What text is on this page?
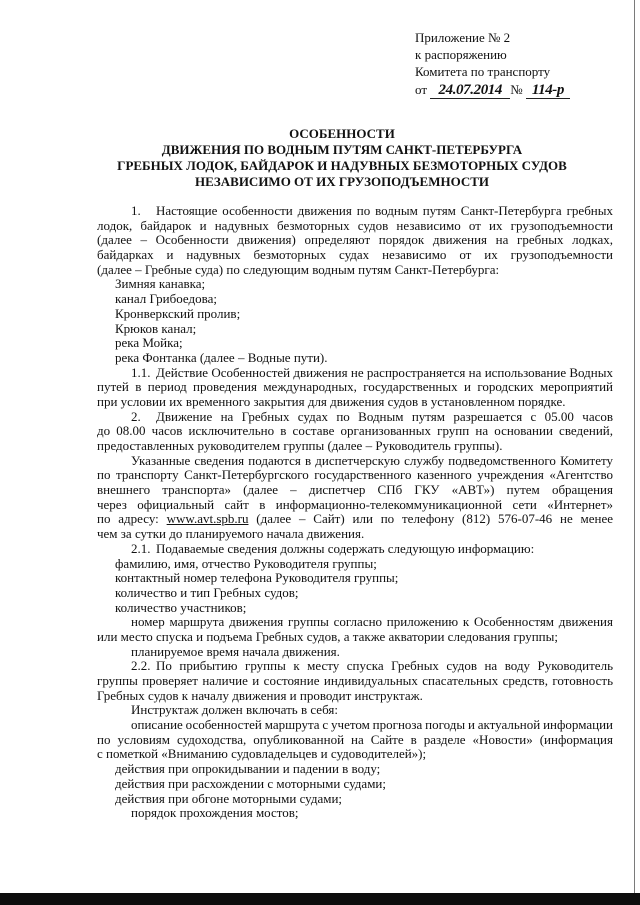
Приложение № 2
к распоряжению
Комитета по транспорту
от 24.07.2014 № 114-р
ОСОБЕННОСТИ
ДВИЖЕНИЯ ПО ВОДНЫМ ПУТЯМ САНКТ-ПЕТЕРБУРГА
ГРЕБНЫХ ЛОДОК, БАЙДАРОК И НАДУВНЫХ БЕЗМОТОРНЫХ СУДОВ
НЕЗАВИСИМО ОТ ИХ ГРУЗОПОДЪЕМНОСТИ
1. Настоящие особенности движения по водным путям Санкт-Петербурга гребных
лодок, байдарок и надувных безмоторных судов независимо от их грузоподъемности
(далее – Особенности движения) определяют порядок движения на гребных лодках,
байдарках и надувных безмоторных судах независимо от их грузоподъемности
(далее – Гребные суда) по следующим водным путям Санкт-Петербурга:
Зимняя канавка;
канал Грибоедова;
Кронверкский пролив;
Крюков канал;
река Мойка;
река Фонтанка (далее – Водные пути).
1.1. Действие Особенностей движения не распространяется на использование Водных
путей в период проведения международных, государственных и городских мероприятий
при условии их временного закрытия для движения судов в установленном порядке.
2. Движение на Гребных судах по Водным путям разрешается с 05.00 часов
до 08.00 часов исключительно в составе организованных групп на основании сведений,
предоставленных руководителем группы (далее – Руководитель группы).
Указанные сведения подаются в диспетчерскую службу подведомственного Комитету
по транспорту Санкт-Петербургского государственного казенного учреждения «Агентство
внешнего транспорта» (далее – диспетчер СПб ГКУ «АВТ») путем обращения
через официальный сайт в информационно-телекоммуникационной сети «Интернет»
по адресу: www.avt.spb.ru (далее – Сайт) или по телефону (812) 576-07-46 не менее
чем за сутки до планируемого начала движения.
2.1. Подаваемые сведения должны содержать следующую информацию:
фамилию, имя, отчество Руководителя группы;
контактный номер телефона Руководителя группы;
количество и тип Гребных судов;
количество участников;
номер маршрута движения группы согласно приложению к Особенностям движения
или место спуска и подъема Гребных судов, а также акватории следования группы;
планируемое время начала движения.
2.2. По прибытию группы к месту спуска Гребных судов на воду Руководитель
группы проверяет наличие и состояние индивидуальных спасательных средств, готовность
Гребных судов к началу движения и проводит инструктаж.
Инструктаж должен включать в себя:
описание особенностей маршрута с учетом прогноза погоды и актуальной информации
по условиям судоходства, опубликованной на Сайте в разделе «Новости» (информация
с пометкой «Вниманию судовладельцев и судоводителей»);
действия при опрокидывании и падении в воду;
действия при расхождении с моторными судами;
действия при обгоне моторными судами;
порядок прохождения мостов;
